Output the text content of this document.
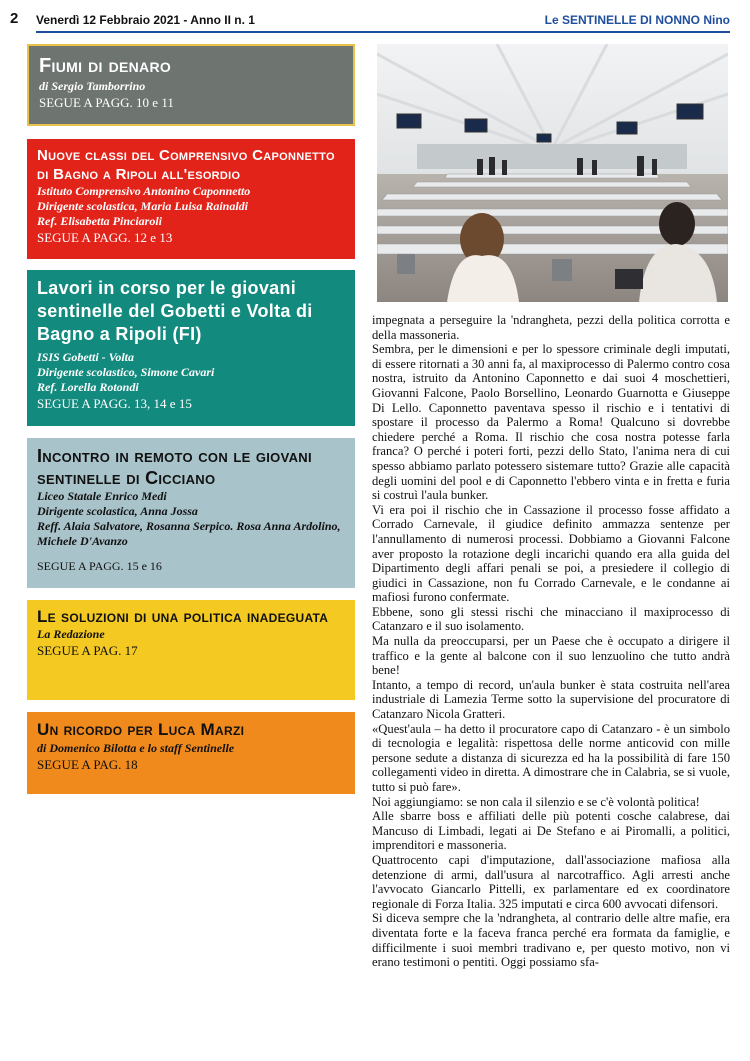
2 Venerdì 12 Febbraio 2021 - Anno II n. 1	Le SENTINELLE DI NONNO Nino

Fiumi di denaro

di Sergio Tamborrino
SEGUE A PAGG. 10 e 11

Nuove classi del Comprensivo Caponnetto di Bagno a Ripoli all'esordio

Istituto Comprensivo Antonino Caponnetto
Dirigente scolastica, Maria Luisa Rainaldi
Ref. Elisabetta Pinciaroli
SEGUE A PAGG. 12 e 13

Lavori in corso per le giovani sentinelle del Gobetti e Volta di Bagno a Ripoli (FI)

ISIS Gobetti - Volta
Dirigente scolastico, Simone Cavari
Ref. Lorella Rotondi
SEGUE A PAGG. 13, 14 e 15

Incontro in remoto con le giovani sentinelle di Cicciano

Liceo Statale Enrico Medi
Dirigente scolastica, Anna Jossa
Reff. Alaia Salvatore, Rosanna Serpico. Rosa Anna Ardolino, Michele D'Avanzo
SEGUE A PAGG. 15 e 16

Le soluzioni di una politica inadeguata

La Redazione
SEGUE A PAG. 17

Un ricordo per Luca Marzi

di Domenico Bilotta e lo staff Sentinelle
SEGUE A PAG. 18

impegnata a perseguire la 'ndrangheta, pezzi della politica corrotta e della massoneria.

Sembra, per le dimensioni e per lo spessore criminale degli imputati, di essere ritornati a 30 anni fa, al maxiprocesso di Palermo contro cosa nostra, istruito da Antonino Caponnetto e dai suoi 4 moschettieri, Giovanni Falcone, Paolo Borsellino, Leonardo Guarnotta e Giuseppe Di Lello. Caponnetto paventava spesso il rischio e i tentativi di spostare il processo da Palermo a Roma! Qualcuno si dovrebbe chiedere perché a Roma. Il rischio che cosa nostra potesse farla franca? O perché i poteri forti, pezzi dello Stato, l'anima nera di cui spesso abbiamo parlato potessero sistemare tutto? Grazie alle capacità degli uomini del pool e di Caponnetto l'ebbero vinta e in fretta e furia si costruì l'aula bunker.

Vi era poi il rischio che in Cassazione il processo fosse affidato a Corrado Carnevale, il giudice definito ammazza sentenze per l'annullamento di numerosi processi. Dobbiamo a Giovanni Falcone aver proposto la rotazione degli incarichi quando era alla guida del Dipartimento degli affari penali se poi, a presiedere il collegio di giudici in Cassazione, non fu Corrado Carnevale, e le condanne ai mafiosi furono confermate.

Ebbene, sono gli stessi rischi che minacciano il maxiprocesso di Catanzaro e il suo isolamento.

Ma nulla da preoccuparsi, per un Paese che è occupato a dirigere il traffico e la gente al balcone con il suo lenzuolino che tutto andrà bene!

Intanto, a tempo di record, un'aula bunker è stata costruita nell'area industriale di Lamezia Terme sotto la supervisione del procuratore di Catanzaro Nicola Gratteri.

«Quest'aula – ha detto il procuratore capo di Catanzaro - è un simbolo di tecnologia e legalità: rispettosa delle norme anticovid con mille persone sedute a distanza di sicurezza ed ha la possibilità di fare 150 collegamenti video in diretta. A dimostrare che in Calabria, se si vuole, tutto si può fare».

Noi aggiungiamo: se non cala il silenzio e se c'è volontà politica!

Alle sbarre boss e affiliati delle più potenti cosche calabrese, dai Mancuso di Limbadi, legati ai De Stefano e ai Piromalli, a politici, imprenditori e massoneria.

Quattrocento capi d'imputazione, dall'associazione mafiosa alla detenzione di armi, dall'usura al narcotraffico. Agli arresti anche l'avvocato Giancarlo Pittelli, ex parlamentare ed ex coordinatore regionale di Forza Italia. 325 imputati e circa 600 avvocati difensori.

Si diceva sempre che la 'ndrangheta, al contrario delle altre mafie, era diventata forte e la faceva franca perché era formata da famiglie, e difficilmente i suoi membri tradivano e, per questo motivo, non vi erano testimoni o pentiti. Oggi possiamo sfa-
